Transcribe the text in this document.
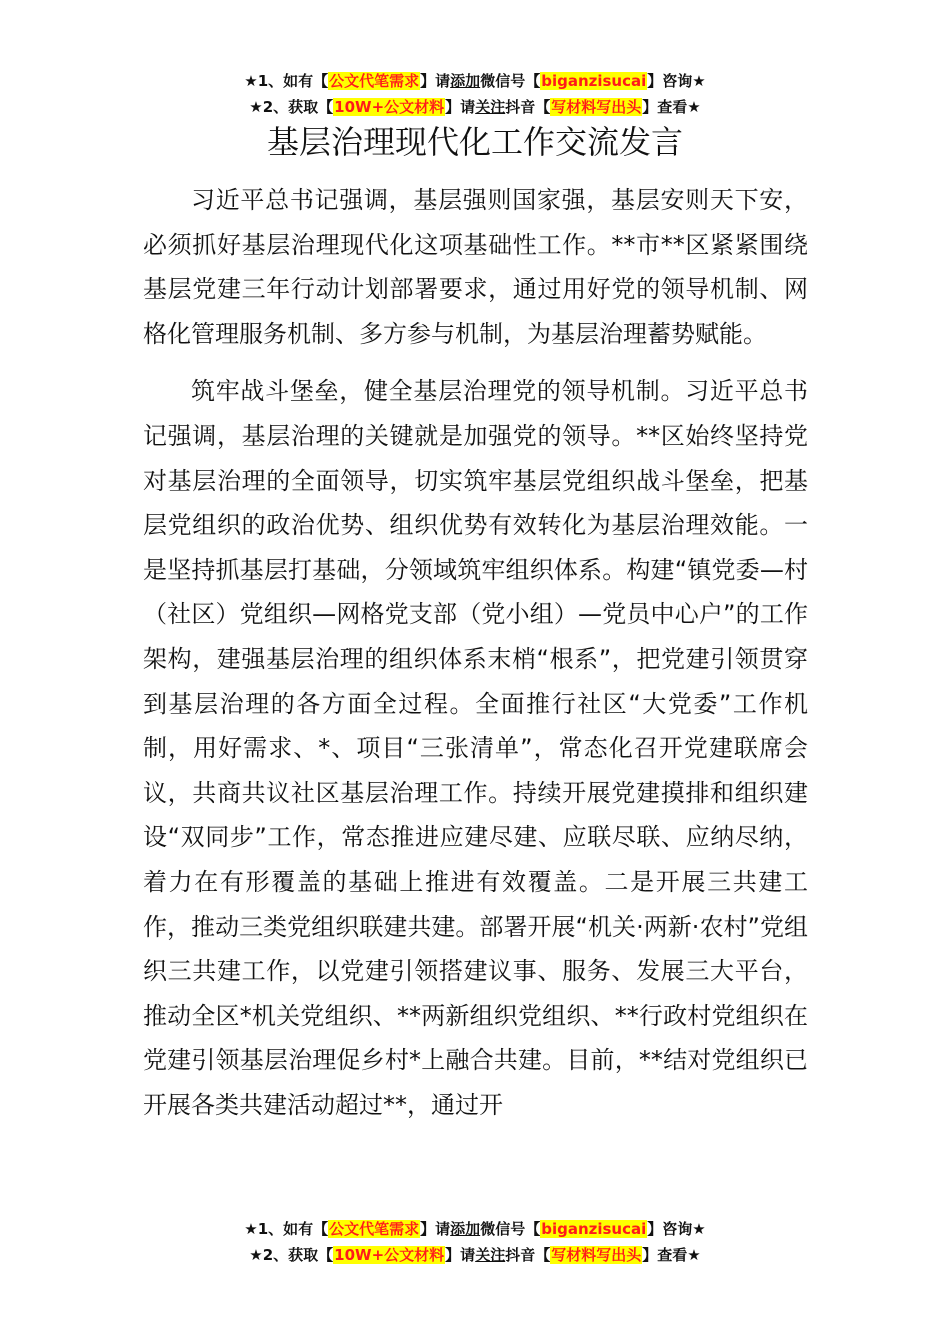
★1、如有【公文代笔需求】请添加微信号【biganzisucai】咨询★
★2、获取【10W+公文材料】请关注抖音【写材料写出头】查看★
基层治理现代化工作交流发言

习近平总书记强调，基层强则国家强，基层安则天下安，必须抓好基层治理现代化这项基础性工作。**市**区紧紧围绕基层党建三年行动计划部署要求，通过用好党的领导机制、网格化管理服务机制、多方参与机制，为基层治理蓄势赋能。

筑牢战斗堡垒，健全基层治理党的领导机制。习近平总书记强调，基层治理的关键就是加强党的领导。**区始终坚持党对基层治理的全面领导，切实筑牢基层党组织战斗堡垒，把基层党组织的政治优势、组织优势有效转化为基层治理效能。一是坚持抓基层打基础，分领域筑牢组织体系。构建“镇党委—村（社区）党组织—网格党支部（党小组）—党员中心户”的工作架构，建强基层治理的组织体系末梢“根系”，把党建引领贯穿到基层治理的各方面全过程。全面推行社区“大党委”工作机制，用好需求、*、项目“三张清单”，常态化召开党建联席会议，共商共议社区基层治理工作。持续开展党建摸排和组织建设“双同步”工作，常态推进应建尽建、应联尽联、应纳尽纳，着力在有形覆盖的基础上推进有效覆盖。二是开展三共建工作，推动三类党组织联建共建。部署开展“机关·两新·农村”党组织三共建工作，以党建引领搭建议事、服务、发展三大平台，推动全区*机关党组织、**两新组织党组织、**行政村党组织在党建引领基层治理促乡村*上融合共建。目前，**结对党组织已开展各类共建活动超过**，通过开

★1、如有【公文代笔需求】请添加微信号【biganzisucai】咨询★
★2、获取【10W+公文材料】请关注抖音【写材料写出头】查看★
